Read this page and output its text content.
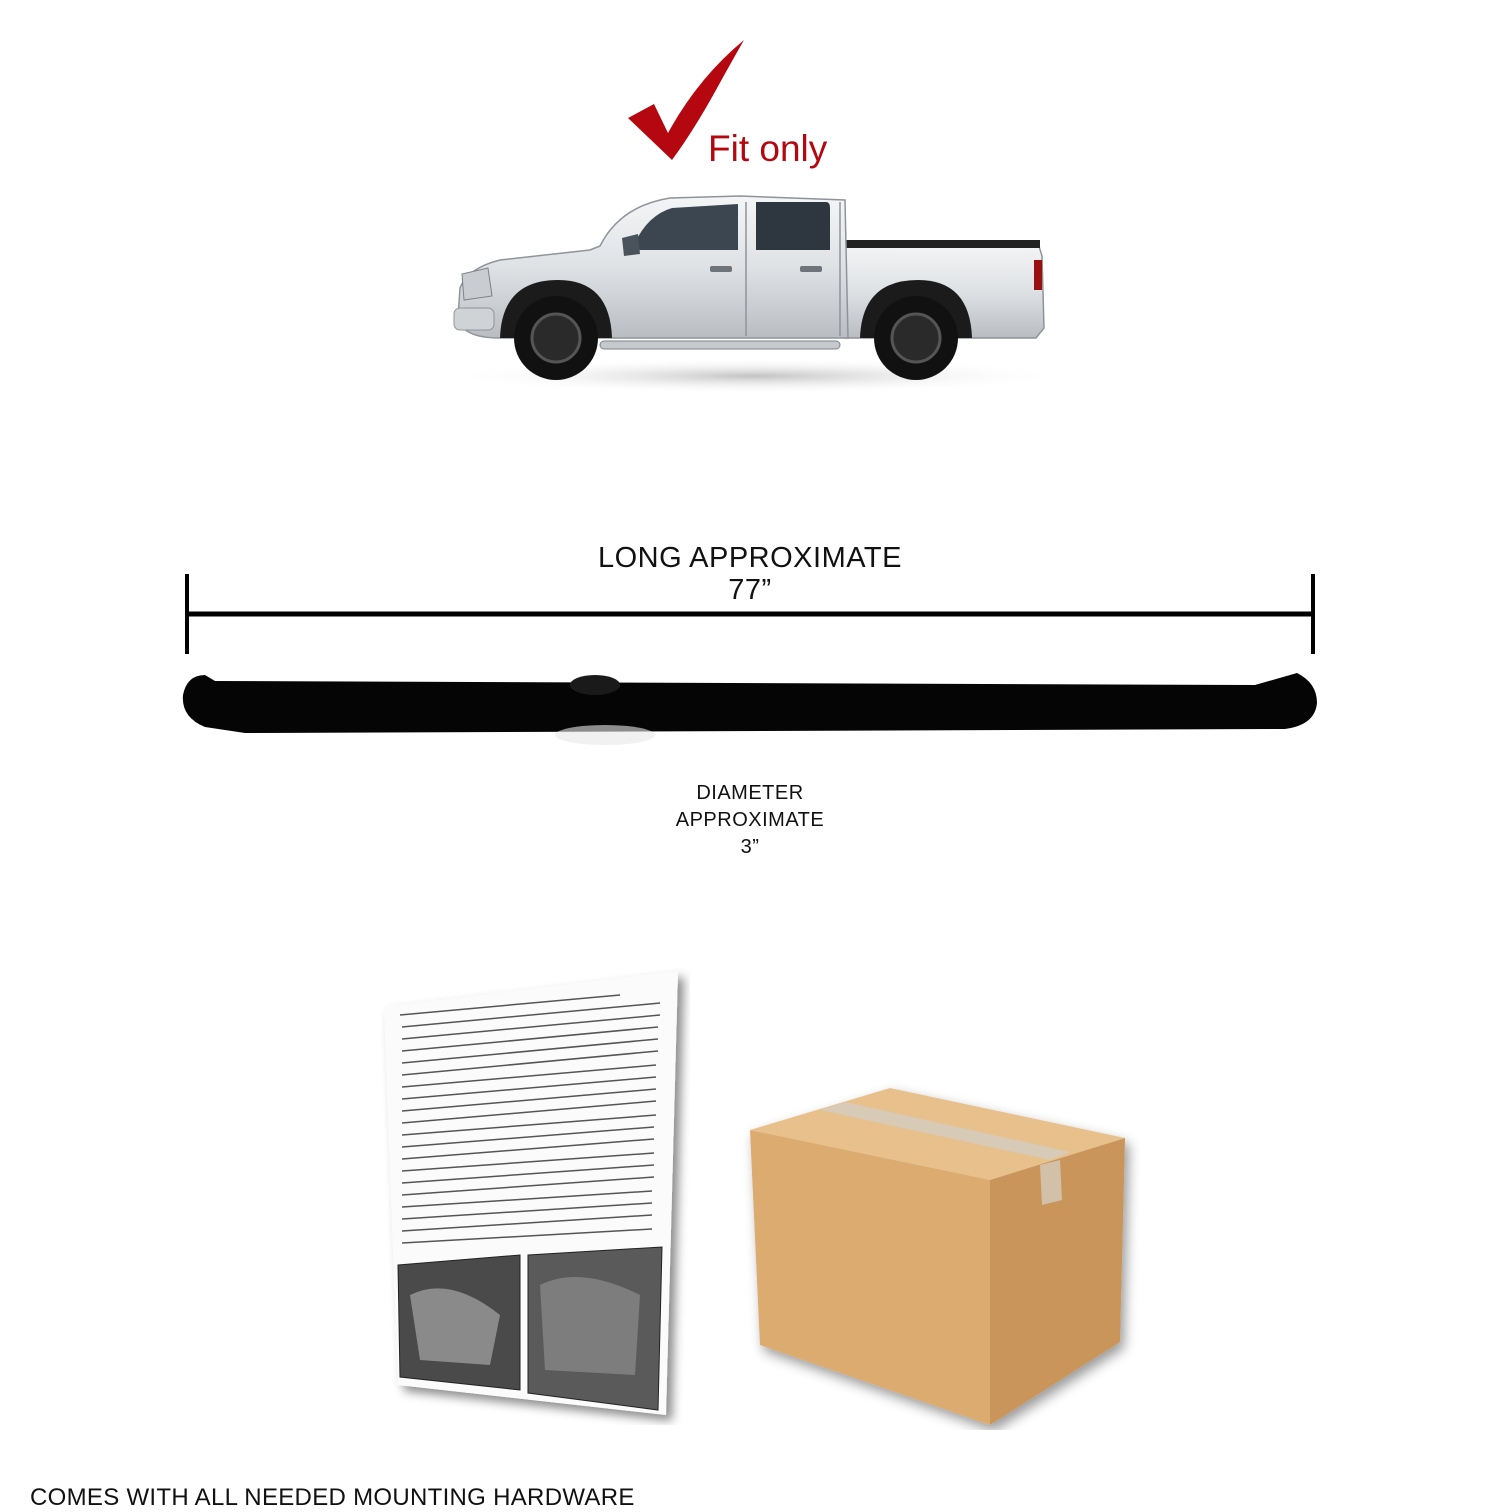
Fit only
LONG APPROXIMATE
77”
DIAMETER
APPROXIMATE
3”
COMES WITH ALL NEEDED MOUNTING HARDWARE
